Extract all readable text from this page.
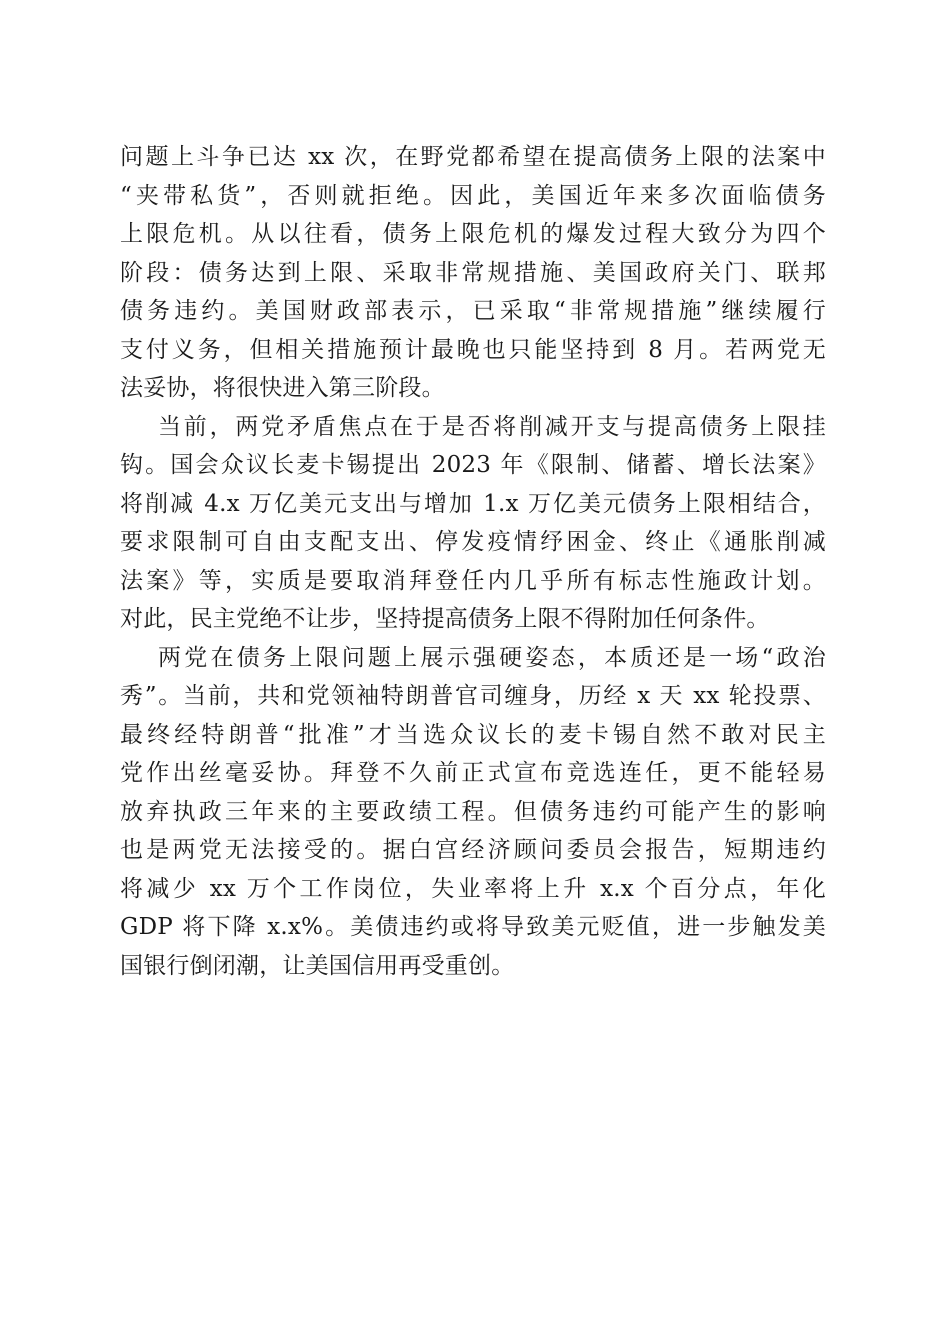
问题上斗争已达 xx 次，在野党都希望在提高债务上限的法案中
“夹带私货”，否则就拒绝。因此，美国近年来多次面临债务
上限危机。从以往看，债务上限危机的爆发过程大致分为四个
阶段：债务达到上限、采取非常规措施、美国政府关门、联邦
债务违约。美国财政部表示，已采取“非常规措施”继续履行
支付义务，但相关措施预计最晚也只能坚持到 8 月。若两党无
法妥协，将很快进入第三阶段。
当前，两党矛盾焦点在于是否将削减开支与提高债务上限挂
钩。国会众议长麦卡锡提出 2023 年《限制、储蓄、增长法案》
将削减 4.x 万亿美元支出与增加 1.x 万亿美元债务上限相结合，
要求限制可自由支配支出、停发疫情纾困金、终止《通胀削减
法案》等，实质是要取消拜登任内几乎所有标志性施政计划。
对此，民主党绝不让步，坚持提高债务上限不得附加任何条件。
两党在债务上限问题上展示强硬姿态，本质还是一场“政治
秀”。当前，共和党领袖特朗普官司缠身，历经 x 天 xx 轮投票、
最终经特朗普“批准”才当选众议长的麦卡锡自然不敢对民主
党作出丝毫妥协。拜登不久前正式宣布竞选连任，更不能轻易
放弃执政三年来的主要政绩工程。但债务违约可能产生的影响
也是两党无法接受的。据白宫经济顾问委员会报告，短期违约
将减少 xx 万个工作岗位，失业率将上升 x.x 个百分点，年化
GDP 将下降 x.x%。美债违约或将导致美元贬值，进一步触发美
国银行倒闭潮，让美国信用再受重创。
